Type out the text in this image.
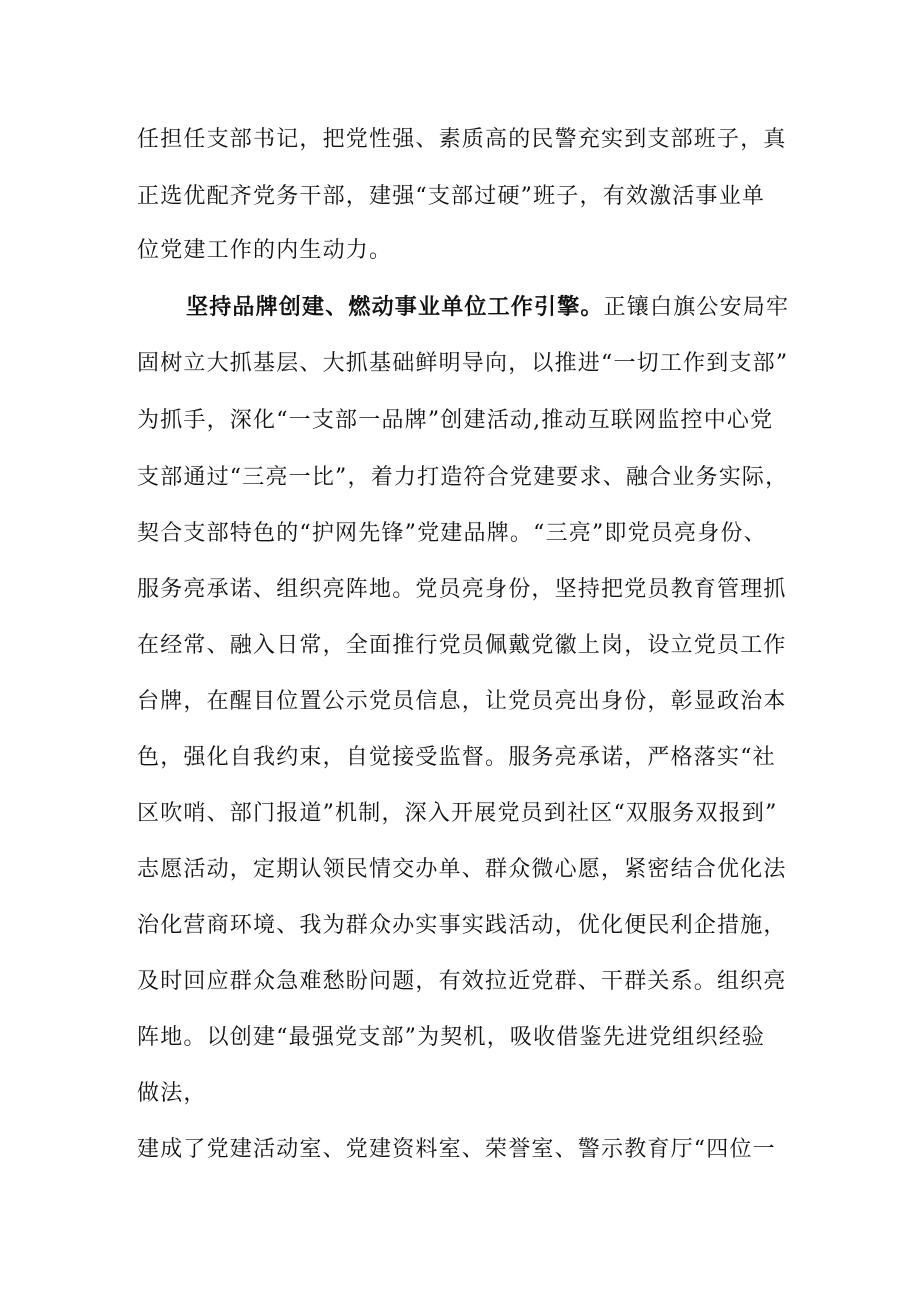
任担任支部书记，把党性强、素质高的民警充实到支部班子，真
正选优配齐党务干部，建强“支部过硬”班子，有效激活事业单
位党建工作的内生动力。
坚持品牌创建、燃动事业单位工作引擎。正镶白旗公安局牢
固树立大抓基层、大抓基础鲜明导向，以推进“一切工作到支部”
为抓手，深化“一支部一品牌”创建活动,推动互联网监控中心党
支部通过“三亮一比”，着力打造符合党建要求、融合业务实际，
契合支部特色的“护网先锋”党建品牌。“三亮”即党员亮身份、
服务亮承诺、组织亮阵地。党员亮身份，坚持把党员教育管理抓
在经常、融入日常，全面推行党员佩戴党徽上岗，设立党员工作
台牌，在醒目位置公示党员信息，让党员亮出身份，彰显政治本
色，强化自我约束，自觉接受监督。服务亮承诺，严格落实“社
区吹哨、部门报道”机制，深入开展党员到社区“双服务双报到”
志愿活动，定期认领民情交办单、群众微心愿，紧密结合优化法
治化营商环境、我为群众办实事实践活动，优化便民利企措施，
及时回应群众急难愁盼问题，有效拉近党群、干群关系。组织亮
阵地。以创建“最强党支部”为契机，吸收借鉴先进党组织经验
做法，
建成了党建活动室、党建资料室、荣誉室、警示教育厅“四位一
